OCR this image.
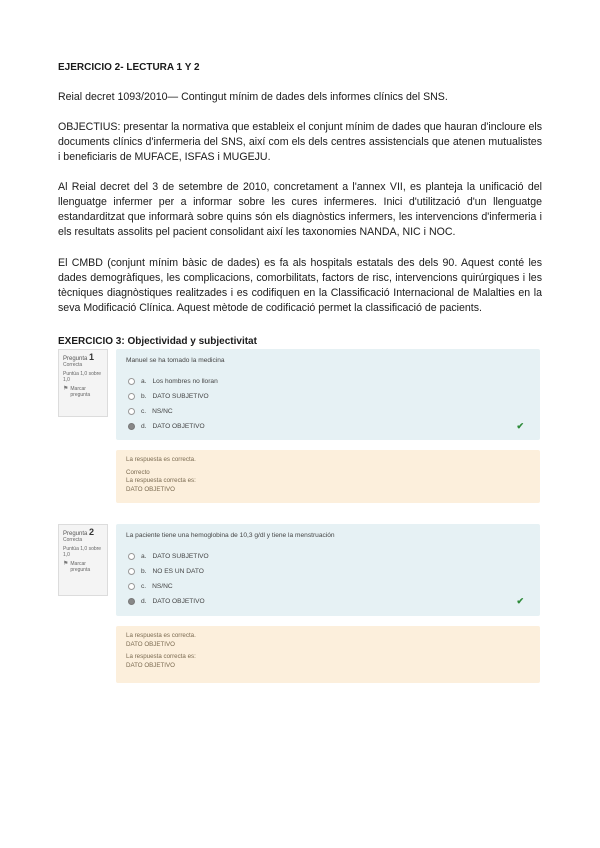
EJERCICIO 2- LECTURA 1 Y 2
Reial decret 1093/2010— Contingut mínim de dades dels informes clínics del SNS.
OBJECTIUS: presentar la normativa que estableix el conjunt mínim de dades que hauran d'incloure els documents clínics d'infermeria del SNS, així com els dels centres assistencials que atenen mutualistes i beneficiaris de MUFACE, ISFAS i MUGEJU.
Al Reial decret del 3 de setembre de 2010, concretament a l'annex VII, es planteja la unificació del llenguatge infermer per a informar sobre les cures infermeres. Inici d'utilització d'un llenguatge estandarditzat que informarà sobre quins són els diagnòstics infermers, les intervencions d'infermeria i els resultats assolits pel pacient consolidant així les taxonomies NANDA, NIC i NOC.
El CMBD (conjunt mínim bàsic de dades) es fa als hospitals estatals des dels 90. Aquest conté les dades demogràfiques, les complicacions, comorbilitats, factors de risc, intervencions quirúrgiques i les tècniques diagnòstiques realitzades i es codifiquen en la Classificació Internacional de Malalties en la seva Modificació Clínica. Aquest mètode de codificació permet la classificació de pacients.
EXERCICIO 3: Objectividad y subjectivitat
Pregunta 1
Correcta
Puntúa 1,0 sobre 1,0
⚑ Marcar pregunta
Manuel se ha tomado la medicina
a. Los hombres no lloran
b. DATO SUBJETIVO
c. NS/NC
d. DATO OBJETIVO	✔
La respuesta es correcta.
Correcto
La respuesta correcta es:
DATO OBJETIVO
Pregunta 2
Correcta
Puntúa 1,0 sobre 1,0
⚑ Marcar pregunta
La paciente tiene una hemoglobina de 10,3 g/dl y tiene la menstruación
a. DATO SUBJETIVO
b. NO ES UN DATO
c. NS/NC
d. DATO OBJETIVO	✔
La respuesta es correcta.
DATO OBJETIVO
La respuesta correcta es:
DATO OBJETIVO
